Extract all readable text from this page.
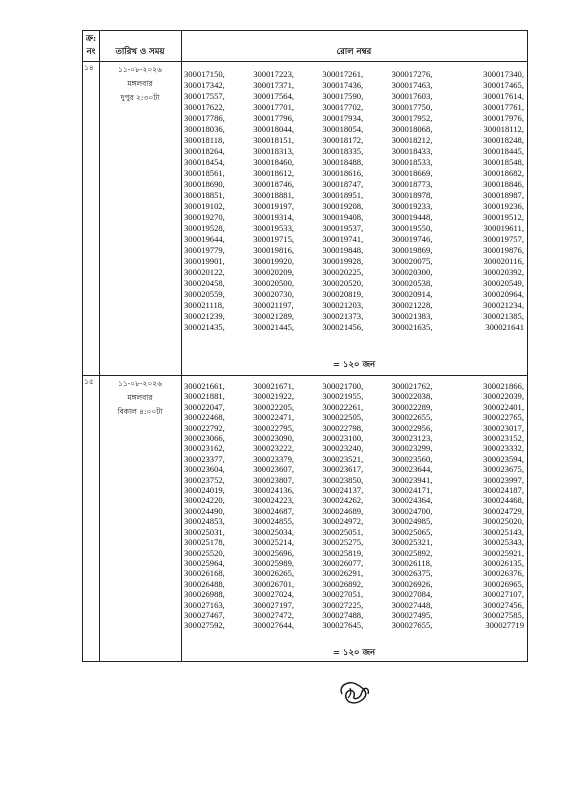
ক্র:
নং	তারিখ ও সময়	রোল নম্বর
১৪	১১-০৮-২০২৬
মঙ্গলবার
দুপুর ২:৩০টা
300017150,	300017223,	300017261,	300017276,	300017340,
300017342,	300017371,	300017436,	300017463,	300017465,
300017557,	300017564,	300017590,	300017603,	300017614,
300017622,	300017701,	300017702,	300017750,	300017761,
300017786,	300017796,	300017934,	300017952,	300017976,
300018036,	300018044,	300018054,	300018068,	300018112,
300018118,	300018151,	300018172,	300018212,	300018248,
300018264,	300018313,	300018335,	300018433,	300018445,
300018454,	300018460,	300018488,	300018533,	300018548,
300018561,	300018612,	300018616,	300018669,	300018682,
300018690,	300018746,	300018747,	300018773,	300018846,
300018851,	300018881,	300018951,	300018978,	300018987,
300019102,	300019197,	300019208,	300019233,	300019236,
300019270,	300019314,	300019408,	300019448,	300019512,
300019528,	300019533,	300019537,	300019550,	300019611,
300019644,	300019715,	300019741,	300019746,	300019757,
300019779,	300019816,	300019848,	300019869,	300019876,
300019901,	300019920,	300019928,	300020075,	300020116,
300020122,	300020209,	300020225,	300020300,	300020392,
300020458,	300020500,	300020520,	300020538,	300020549,
300020559,	300020730,	300020819,	300020914,	300020964,
300021118,	300021197,	300021203,	300021228,	300021234,
300021239,	300021289,	300021373,	300021383,	300021385,
300021435,	300021445,	300021456,	300021635,	300021641
= ১২০ জন
১৫	১১-০৮-২০২৬
মঙ্গলবার
বিকাল ৪:০০টা
300021661,	300021671,	300021700,	300021762,	300021866,
300021881,	300021922,	300021955,	300022038,	300022039,
300022047,	300022205,	300022261,	300022289,	300022401,
300022468,	300022471,	300022505,	300022655,	300022765,
300022792,	300022795,	300022798,	300022956,	300023017,
300023066,	300023090,	300023100,	300023123,	300023152,
300023162,	300023222,	300023240,	300023299,	300023332,
300023377,	300023379,	300023521,	300023560,	300023594,
300023604,	300023607,	300023617,	300023644,	300023675,
300023752,	300023807,	300023850,	300023941,	300023997,
300024019,	300024136,	300024137,	300024171,	300024187,
300024220,	300024223,	300024262,	300024364,	300024468,
300024490,	300024687,	300024689,	300024700,	300024729,
300024853,	300024855,	300024972,	300024985,	300025020,
300025031,	300025034,	300025051,	300025065,	300025143,
300025178,	300025214,	300025275,	300025321,	300025343,
300025520,	300025696,	300025819,	300025892,	300025921,
300025964,	300025989,	300026077,	300026118,	300026135,
300026168,	300026265,	300026291,	300026375,	300026376,
300026488,	300026701,	300026892,	300026926,	300026965,
300026988,	300027024,	300027051,	300027084,	300027107,
300027163,	300027197,	300027225,	300027448,	300027456,
300027467,	300027472,	300027488,	300027495,	300027585,
300027592,	300027644,	300027645,	300027655,	300027719
= ১২০ জন
